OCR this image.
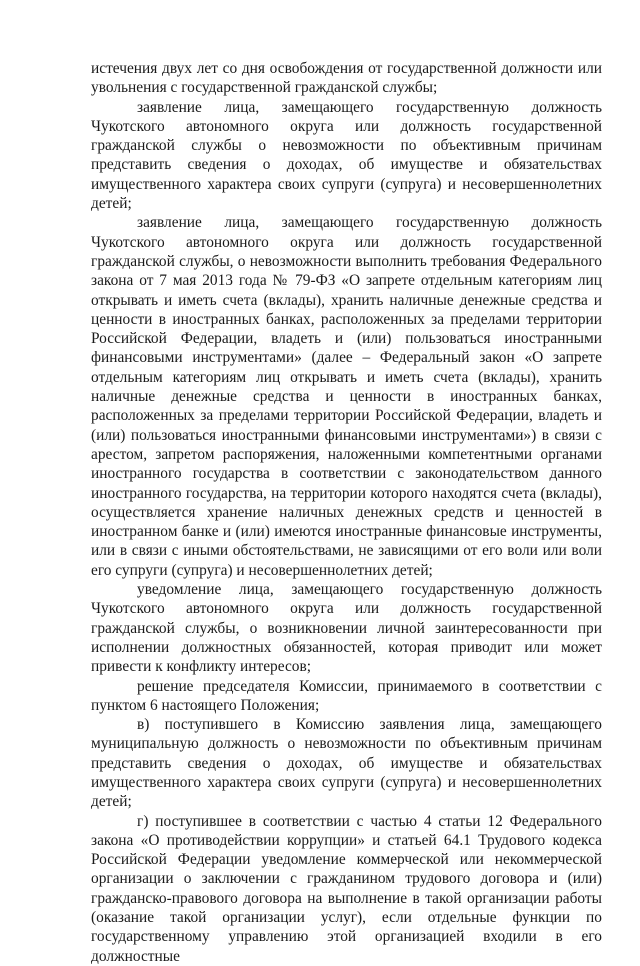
истечения двух лет со дня освобождения от государственной должности или увольнения с государственной гражданской службы;

заявление лица, замещающего государственную должность Чукотского автономного округа или должность государственной гражданской службы о невозможности по объективным причинам представить сведения о доходах, об имуществе и обязательствах имущественного характера своих супруги (супруга) и несовершеннолетних детей;

заявление лица, замещающего государственную должность Чукотского автономного округа или должность государственной гражданской службы, о невозможности выполнить требования Федерального закона от 7 мая 2013 года № 79-ФЗ «О запрете отдельным категориям лиц открывать и иметь счета (вклады), хранить наличные денежные средства и ценности в иностранных банках, расположенных за пределами территории Российской Федерации, владеть и (или) пользоваться иностранными финансовыми инструментами» (далее – Федеральный закон «О запрете отдельным категориям лиц открывать и иметь счета (вклады), хранить наличные денежные средства и ценности в иностранных банках, расположенных за пределами территории Российской Федерации, владеть и (или) пользоваться иностранными финансовыми инструментами») в связи с арестом, запретом распоряжения, наложенными компетентными органами иностранного государства в соответствии с законодательством данного иностранного государства, на территории которого находятся счета (вклады), осуществляется хранение наличных денежных средств и ценностей в иностранном банке и (или) имеются иностранные финансовые инструменты, или в связи с иными обстоятельствами, не зависящими от его воли или воли его супруги (супруга) и несовершеннолетних детей;

уведомление лица, замещающего государственную должность Чукотского автономного округа или должность государственной гражданской службы, о возникновении личной заинтересованности при исполнении должностных обязанностей, которая приводит или может привести к конфликту интересов;

решение председателя Комиссии, принимаемого в соответствии с пунктом 6 настоящего Положения;

в) поступившего в Комиссию заявления лица, замещающего муниципальную должность о невозможности по объективным причинам представить сведения о доходах, об имуществе и обязательствах имущественного характера своих супруги (супруга) и несовершеннолетних детей;

г) поступившее в соответствии с частью 4 статьи 12 Федерального закона «О противодействии коррупции» и статьей 64.1 Трудового кодекса Российской Федерации уведомление коммерческой или некоммерческой организации о заключении с гражданином трудового договора и (или) гражданско-правового договора на выполнение в такой организации работы (оказание такой организации услуг), если отдельные функции по государственному управлению этой организацией входили в его должностные
